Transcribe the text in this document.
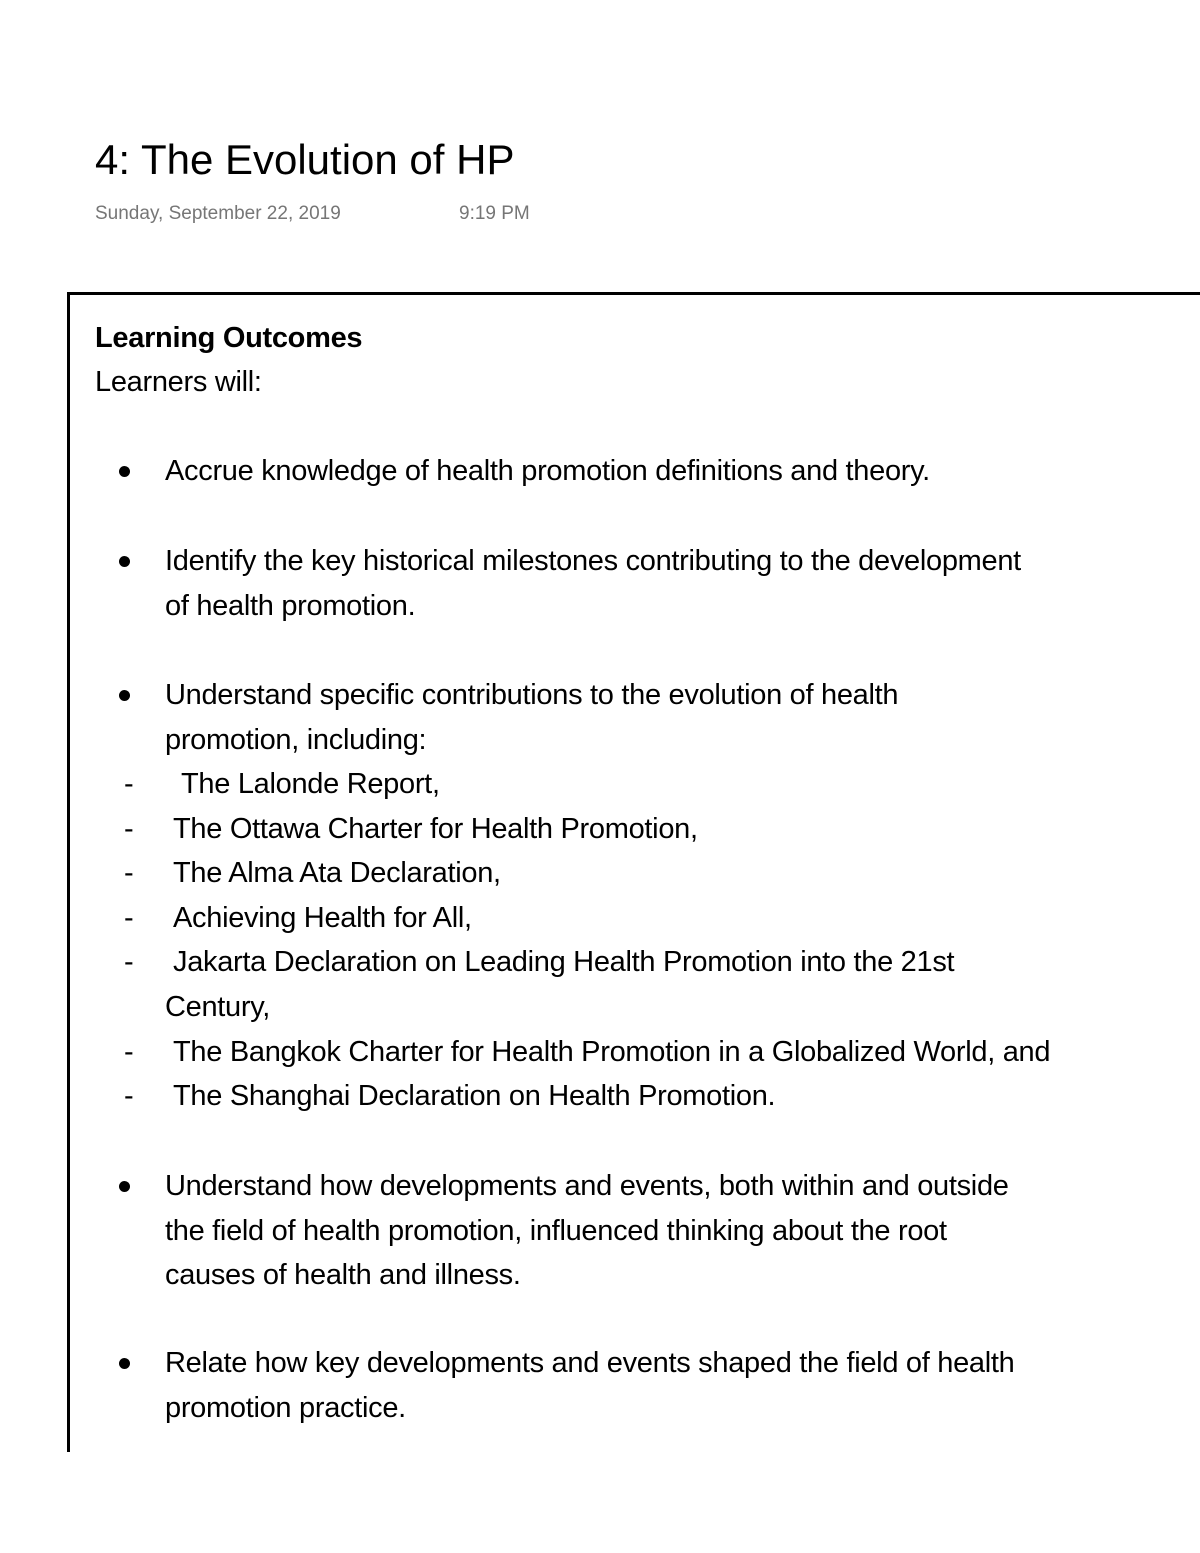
4: The Evolution of HP
Sunday, September 22, 2019	9:19 PM
Learning Outcomes
Learners will:
Accrue knowledge of health promotion definitions and theory.
Identify the key historical milestones contributing to the development
of health promotion.
Understand specific contributions to the evolution of health
promotion, including:
- The Lalonde Report,
- The Ottawa Charter for Health Promotion,
- The Alma Ata Declaration,
- Achieving Health for All,
- Jakarta Declaration on Leading Health Promotion into the 21st
Century,
- The Bangkok Charter for Health Promotion in a Globalized World, and
- The Shanghai Declaration on Health Promotion.
Understand how developments and events, both within and outside
the field of health promotion, influenced thinking about the root
causes of health and illness.
Relate how key developments and events shaped the field of health
promotion practice.
